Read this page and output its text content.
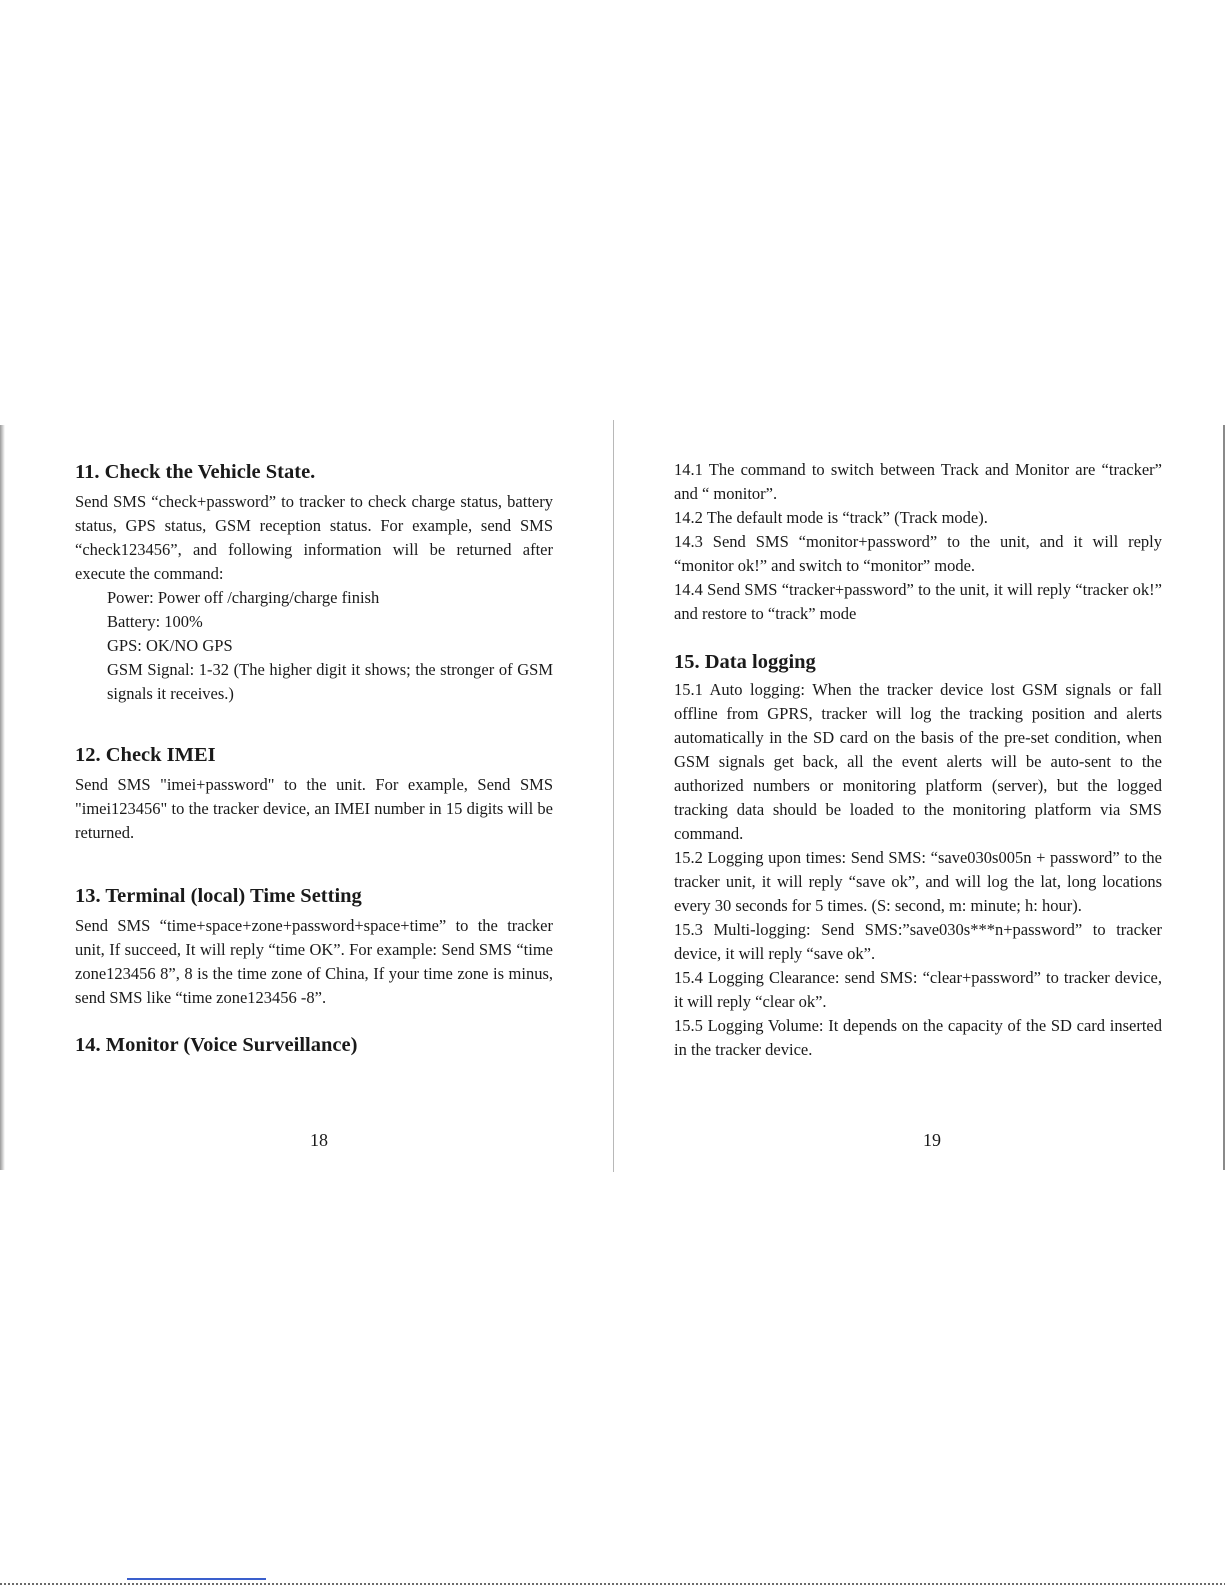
11. Check the Vehicle State.

Send SMS “check+password” to tracker to check charge status, battery status, GPS status, GSM reception status. For example, send SMS “check123456”, and following information will be returned after execute the command:

Power: Power off /charging/charge finish

Battery: 100%

GPS: OK/NO GPS

GSM Signal: 1-32 (The higher digit it shows; the stronger of GSM signals it receives.)

12. Check IMEI

Send SMS "imei+password" to the unit. For example, Send SMS "imei123456" to the tracker device, an IMEI number in 15 digits will be returned.

13. Terminal (local) Time Setting

Send SMS “time+space+zone+password+space+time” to the tracker unit, If succeed, It will reply “time OK”. For example: Send SMS “time zone123456 8”, 8 is the time zone of China, If your time zone is minus, send SMS like “time zone123456 -8”.

14. Monitor (Voice Surveillance)
18

14.1 The command to switch between Track and Monitor are “tracker” and “ monitor”.

14.2 The default mode is “track” (Track mode).

14.3 Send SMS “monitor+password” to the unit, and it will reply “monitor ok!” and switch to “monitor” mode.

14.4 Send SMS “tracker+password” to the unit, it will reply “tracker ok!” and restore to “track” mode

15. Data logging

15.1 Auto logging: When the tracker device lost GSM signals or fall offline from GPRS, tracker will log the tracking position and alerts automatically in the SD card on the basis of the pre-set condition, when GSM signals get back, all the event alerts will be auto-sent to the authorized numbers or monitoring platform (server), but the logged tracking data should be loaded to the monitoring platform via SMS command.

15.2 Logging upon times: Send SMS: “save030s005n + password” to the tracker unit, it will reply “save ok”, and will log the lat, long locations every 30 seconds for 5 times. (S: second, m: minute; h: hour).

15.3 Multi-logging: Send SMS:”save030s***n+password” to tracker device, it will reply “save ok”.

15.4 Logging Clearance: send SMS: “clear+password” to tracker device, it will reply “clear ok”.

15.5 Logging Volume: It depends on the capacity of the SD card inserted in the tracker device.

19
